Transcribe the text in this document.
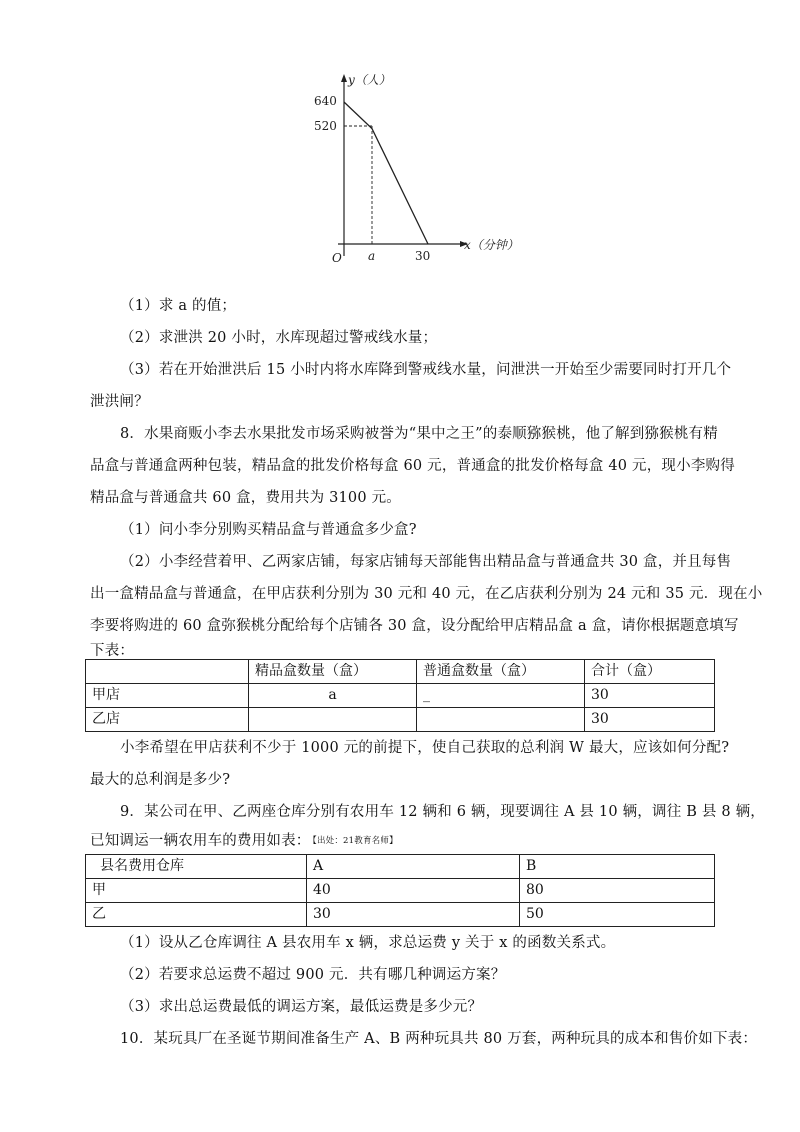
y（人）
x（分钟）
640
520
O a	30
（1）求 a 的值；
（2）求泄洪 20 小时，水库现超过警戒线水量；
（3）若在开始泄洪后 15 小时内将水库降到警戒线水量，问泄洪一开始至少需要同时打开几个
泄洪闸？
8．水果商贩小李去水果批发市场采购被誉为“果中之王”的泰顺猕猴桃，他了解到猕猴桃有精
品盒与普通盒两种包装，精品盒的批发价格每盒 60 元，普通盒的批发价格每盒 40 元，现小李购得
精品盒与普通盒共 60 盒，费用共为 3100 元。
（1）问小李分别购买精品盒与普通盒多少盒?
（2）小李经营着甲、乙两家店铺，每家店铺每天部能售出精品盒与普通盒共 30 盒，并且每售
出一盒精品盒与普通盒，在甲店获利分别为 30 元和 40 元，在乙店获利分别为 24 元和 35 元．现在小
李要将购进的 60 盒弥猴桃分配给每个店铺各 30 盒，设分配给甲店精品盒 a 盒，请你根据题意填写
下表：
	精品盒数量（盒）	普通盒数量（盒）	合计（盒）
甲店	a	_	30
乙店			30
小李希望在甲店获利不少于 1000 元的前提下，使自己获取的总利润 W 最大，应该如何分配?
最大的总利润是多少?
9．某公司在甲、乙两座仓库分别有农用车 12 辆和 6 辆，现要调往 A 县 10 辆，调往 B 县 8 辆，
已知调运一辆农用车的费用如表： 【出处：21教育名师】
县名费用仓库	A	B
甲	40	80
乙	30	50
（1）设从乙仓库调往 A 县农用车 x 辆，求总运费 y 关于 x 的函数关系式。
（2）若要求总运费不超过 900 元．共有哪几种调运方案？
（3）求出总运费最低的调运方案，最低运费是多少元？
10．某玩具厂在圣诞节期间准备生产 A、B 两种玩具共 80 万套，两种玩具的成本和售价如下表：
